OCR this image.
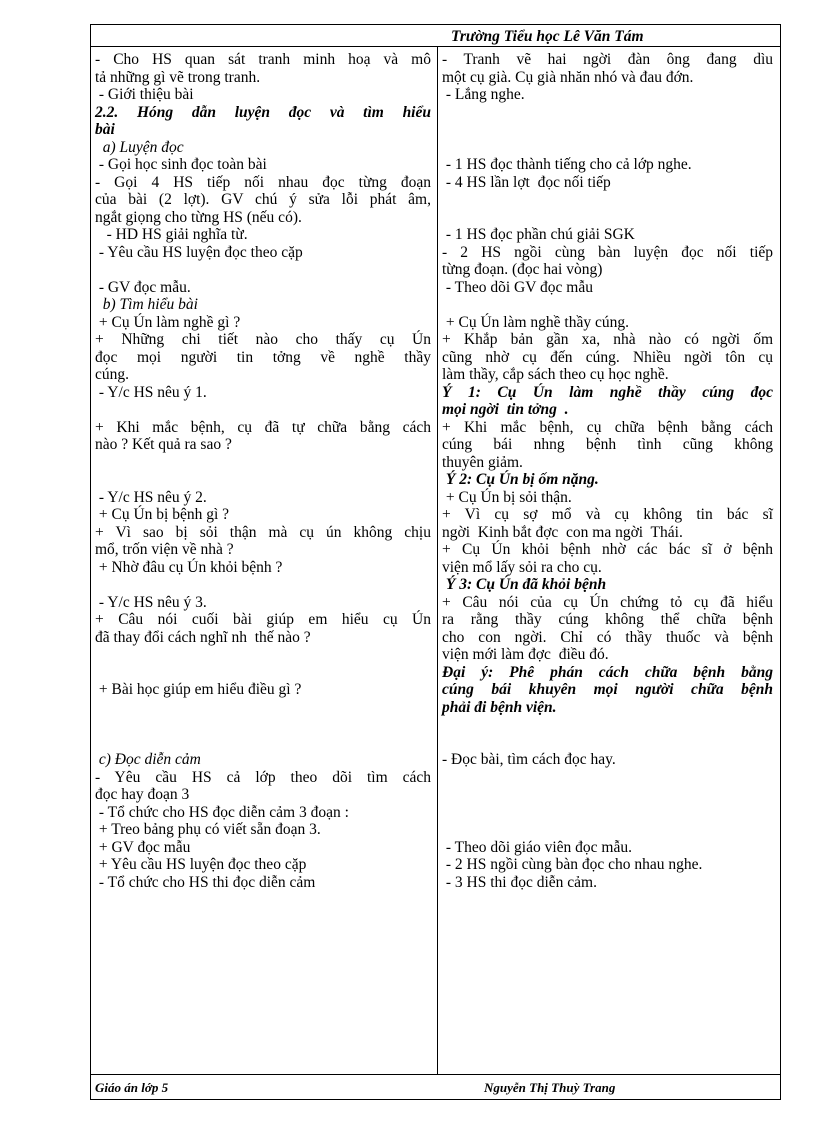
Trường Tiểu học Lê Văn Tám
- Cho HS quan sát tranh minh hoạ và mô
tả những gì vẽ trong tranh.
- Giới thiệu bài
2.2. Hóng dẫn luyện đọc và tìm hiểu
bài
a) Luyện đọc
- Gọi học sinh đọc toàn bài
- Gọi 4 HS tiếp nối nhau đọc từng đoạn
của bài (2 lợt). GV chú ý sửa lỗi phát âm,
ngắt giọng cho từng HS (nếu có).
- HD HS giải nghĩa từ.
- Yêu cầu HS luyện đọc theo cặp
- GV đọc mẫu.
b) Tìm hiểu bài
+ Cụ Ún làm nghề gì ?
+ Những chi tiết nào cho thấy cụ Ún
đọc mọi người tin tởng về nghề thầy
cúng.
- Y/c HS nêu ý 1.
+ Khi mắc bệnh, cụ đã tự chữa bằng cách
nào ? Kết quả ra sao ?
- Y/c HS nêu ý 2.
+ Cụ Ún bị bệnh gì ?
+ Vì sao bị sỏi thận mà cụ ún không chịu
mổ, trốn viện về nhà ?
+ Nhờ đâu cụ Ún khỏi bệnh ?
- Y/c HS nêu ý 3.
+ Câu nói cuối bài giúp em hiểu cụ Ún
đã thay đổi cách nghĩ nh  thế nào ?
+ Bài học giúp em hiểu điều gì ?
c) Đọc diễn cảm
- Yêu cầu HS cả lớp theo dõi tìm cách
đọc hay đoạn 3
- Tổ chức cho HS đọc diễn cảm 3 đoạn :
+ Treo bảng phụ có viết sẵn đoạn 3.
+ GV đọc mẫu
+ Yêu cầu HS luyện đọc theo cặp
- Tổ chức cho HS thi đọc diễn cảm
- Tranh vẽ hai ngời đàn ông đang dìu
một cụ già. Cụ già nhăn nhó và đau đớn.
- Lắng nghe.
- 1 HS đọc thành tiếng cho cả lớp nghe.
- 4 HS lần lợt  đọc nối tiếp
- 1 HS đọc phần chú giải SGK
- 2 HS ngồi cùng bàn luyện đọc nối tiếp
từng đoạn. (đọc hai vòng)
- Theo dõi GV đọc mẫu
+ Cụ Ún làm nghề thầy cúng.
+ Khắp bản gần xa, nhà nào có ngời ốm
cũng nhờ cụ đến cúng. Nhiều ngời tôn cụ
làm thầy, cắp sách theo cụ học nghề.
Ý 1: Cụ Ún làm nghề thầy cúng đọc
mọi ngời  tin tởng  .
+ Khi mắc bệnh, cụ chữa bệnh bằng cách
cúng bái nhng bệnh tình cũng không
thuyên giảm.
Ý 2: Cụ Ún bị ốm nặng.
+ Cụ Ún bị sỏi thận.
+ Vì cụ sợ mổ và cụ không tin bác sĩ
ngời  Kinh bắt đợc  con ma ngời  Thái.
+ Cụ Ún khỏi bệnh nhờ các bác sĩ ở bệnh
viện mổ lấy sỏi ra cho cụ.
Ý 3: Cụ Ún đã khỏi bệnh
+ Câu nói của cụ Ún chứng tỏ cụ đã hiểu
ra rằng thầy cúng không thể chữa bệnh
cho con ngời. Chỉ có thầy thuốc và bệnh
viện mới làm đợc  điều đó.
Đại ý: Phê phán cách chữa bệnh bằng
cúng bái khuyên mọi người chữa bệnh
phải đi bệnh viện.
- Đọc bài, tìm cách đọc hay.
- Theo dõi giáo viên đọc mẫu.
- 2 HS ngồi cùng bàn đọc cho nhau nghe.
- 3 HS thi đọc diễn cảm.
Giáo án lớp 5	Nguyễn Thị Thuỳ Trang
